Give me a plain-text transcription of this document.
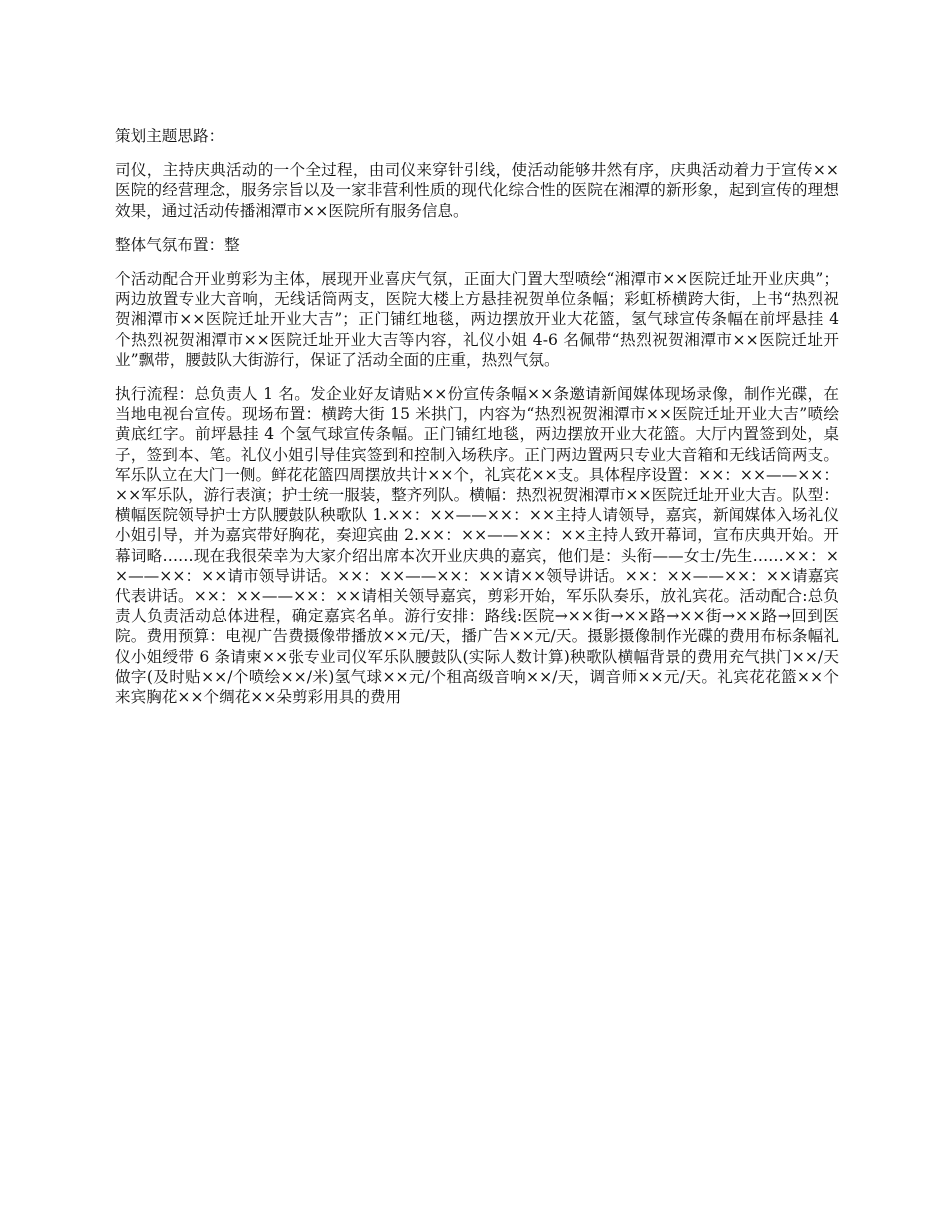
策划主题思路：

司仪，主持庆典活动的一个全过程，由司仪来穿针引线，使活动能够井然有序，庆典活动着力于宣传××医院的经营理念，服务宗旨以及一家非营利性质的现代化综合性的医院在湘潭的新形象，起到宣传的理想效果，通过活动传播湘潭市××医院所有服务信息。

整体气氛布置：整

个活动配合开业剪彩为主体，展现开业喜庆气氛，正面大门置大型喷绘“湘潭市××医院迁址开业庆典”；两边放置专业大音响，无线话筒两支，医院大楼上方悬挂祝贺单位条幅；彩虹桥横跨大街，上书“热烈祝贺湘潭市××医院迁址开业大吉”；正门铺红地毯，两边摆放开业大花篮，氢气球宣传条幅在前坪悬挂 4 个热烈祝贺湘潭市××医院迁址开业大吉等内容，礼仪小姐 4-6 名佩带“热烈祝贺湘潭市××医院迁址开业”飘带，腰鼓队大街游行，保证了活动全面的庄重，热烈气氛。

执行流程：总负责人 1 名。发企业好友请贴××份宣传条幅××条邀请新闻媒体现场录像，制作光碟，在当地电视台宣传。现场布置：横跨大街 15 米拱门，内容为“热烈祝贺湘潭市××医院迁址开业大吉”喷绘黄底红字。前坪悬挂 4 个氢气球宣传条幅。正门铺红地毯，两边摆放开业大花篮。大厅内置签到处，桌子，签到本、笔。礼仪小姐引导佳宾签到和控制入场秩序。正门两边置两只专业大音箱和无线话筒两支。军乐队立在大门一侧。鲜花花篮四周摆放共计××个，礼宾花××支。具体程序设置：××：××——××：××军乐队，游行表演；护士统一服装，整齐列队。横幅：热烈祝贺湘潭市××医院迁址开业大吉。队型：横幅医院领导护士方队腰鼓队秧歌队 1.××：××——××：××主持人请领导，嘉宾，新闻媒体入场礼仪小姐引导，并为嘉宾带好胸花，奏迎宾曲 2.××：××——××：××主持人致开幕词，宣布庆典开始。开幕词略……现在我很荣幸为大家介绍出席本次开业庆典的嘉宾，他们是：头衔——女士/先生……××：××——××：××请市领导讲话。××：××——××：××请××领导讲话。××：××——××：××请嘉宾代表讲话。××：××——××：××请相关领导嘉宾，剪彩开始，军乐队奏乐，放礼宾花。活动配合:总负责人负责活动总体进程，确定嘉宾名单。游行安排：路线:医院→××街→××路→××街→××路→回到医院。费用预算：电视广告费摄像带播放××元/天，播广告××元/天。摄影摄像制作光碟的费用布标条幅礼仪小姐绶带 6 条请柬××张专业司仪军乐队腰鼓队(实际人数计算)秧歌队横幅背景的费用充气拱门××/天做字(及时贴××/个喷绘××/米)氢气球××元/个租高级音响××/天，调音师××元/天。礼宾花花篮××个来宾胸花××个绸花××朵剪彩用具的费用
